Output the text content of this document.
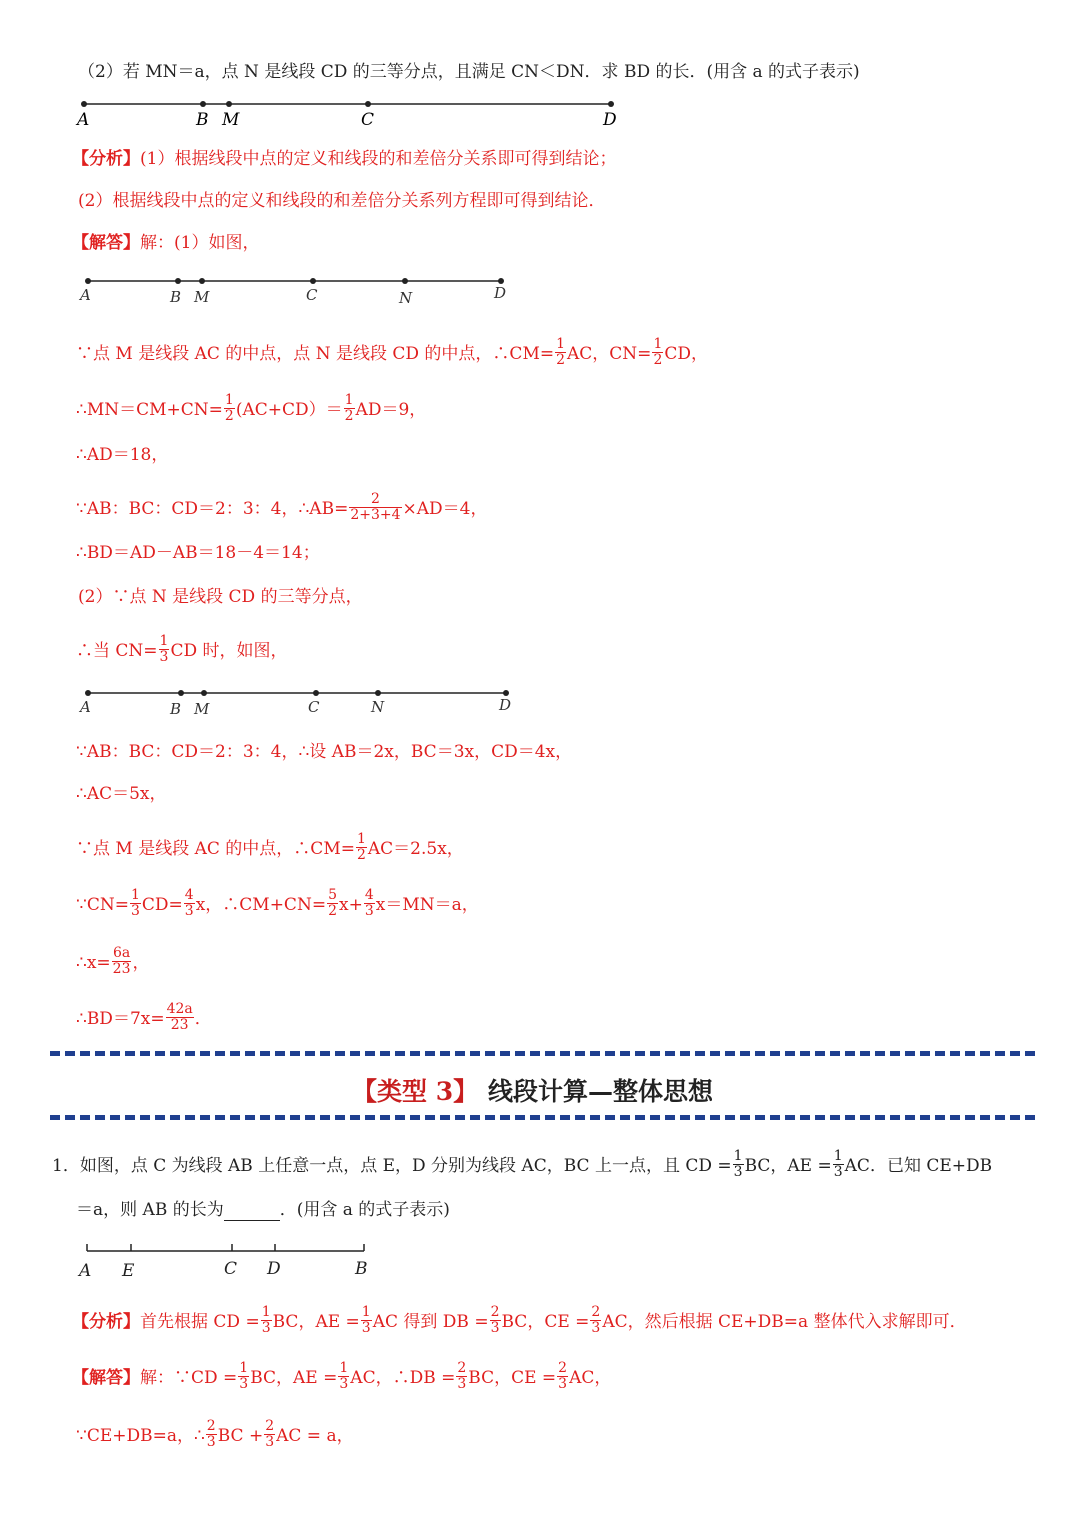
（2）若 MN＝a，点 N 是线段 CD 的三等分点，且满足 CN＜DN．求 BD 的长．(用含 a 的式子表示)
A	B M	C	D
【分析】(1）根据线段中点的定义和线段的和差倍分关系即可得到结论；
(2）根据线段中点的定义和线段的和差倍分关系列方程即可得到结论．
【解答】解：(1）如图，
A	B M	C	N	D
∵点 M 是线段 AC 的中点，点 N 是线段 CD 的中点，∴CM= $\frac{1}{2}$ AC，$CN= \frac{1}{2}$ CD，
∴MN＝CM+CN= $\frac{1}{2} (AC+CD)= \frac{1}{2} AD=9$，
∴AD＝18，
∵AB：BC：CD＝2：3：4，∴AB= $\frac{2}{2+3+4} \times AD=4$，
∴BD＝AD－AB＝18－4＝14；
(2）∵点 N 是线段 CD 的三等分点，
∴当 $CN= \frac{1}{3}$ CD 时，如图，
A	B M	C	N	D
∵AB：BC：CD＝2：3：4，∴设 AB＝2x，BC＝3x，CD＝4x，
∴AC＝5x，
∵点 M 是线段 AC 的中点，∴CM= $\frac{1}{2} AC=2.5x$，
∵CN= $\frac{1}{3} CD= \frac{4}{3}$ x，∴CM+CN= $\frac{5}{2} x+ \frac{4}{3} x=MN=a$，
∴x= $\frac{6a}{23}$ ，
∴BD＝7x= $\frac{42a}{23}$ ．
【类型 3】 线段计算—整体思想
1．如图，点 C 为线段 AB 上任意一点，点 E，D 分别为线段 AC，BC 上一点，且 CD = $\frac{1}{3}$ BC，AE = $\frac{1}{3}$ AC．已知 CE+DB
＝a，则 AB 的长为	．(用含 a 的式子表示)
A E	C D	B
【分析】首先根据 CD = $\frac{1}{3}$ BC，AE = $\frac{1}{3}$ AC 得到 DB = $\frac{2}{3}$ BC，CE = $\frac{2}{3}$ AC，然后根据 CE+DB=a 整体代入求解即可．
【解答】解：∵CD = $\frac{1}{3}$ BC，AE = $\frac{1}{3}$ AC，∴DB = $\frac{2}{3}$ BC，CE = $\frac{2}{3}$ AC，
∵CE+DB=a，∴ $\frac{2}{3}$ BC + $\frac{2}{3}$ AC = a，
